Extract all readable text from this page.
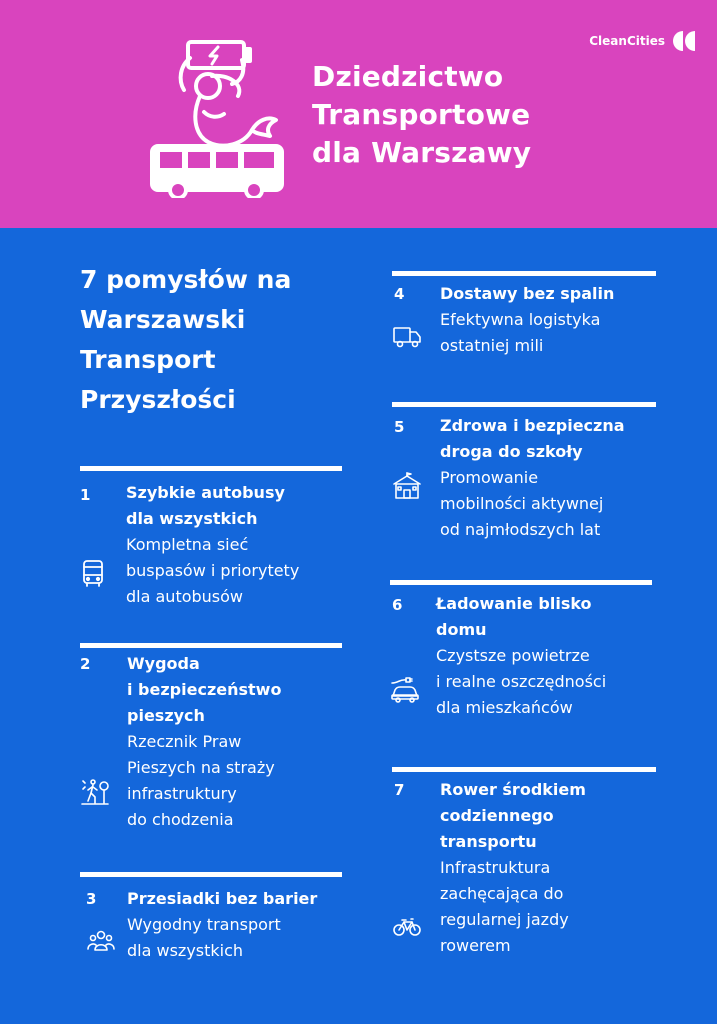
Dziedzictwo
Transportowe
dla Warszawy
CleanCities
7 pomysłów na
Warszawski
Transport
Przyszłości
1 Szybkie autobusy
dla wszystkich
Kompletna sieć
buspasów i priorytety
dla autobusów
2 Wygoda
i bezpieczeństwo
pieszych
Rzecznik Praw
Pieszych na straży
infrastruktury
do chodzenia
3 Przesiadki bez barier
Wygodny transport
dla wszystkich
4 Dostawy bez spalin
Efektywna logistyka
ostatniej mili
5 Zdrowa i bezpieczna
droga do szkoły
Promowanie
mobilności aktywnej
od najmłodszych lat
6 Ładowanie blisko
domu
Czystsze powietrze
i realne oszczędności
dla mieszkańców
7 Rower środkiem
codziennego
transportu
Infrastruktura
zachęcająca do
regularnej jazdy
rowerem
